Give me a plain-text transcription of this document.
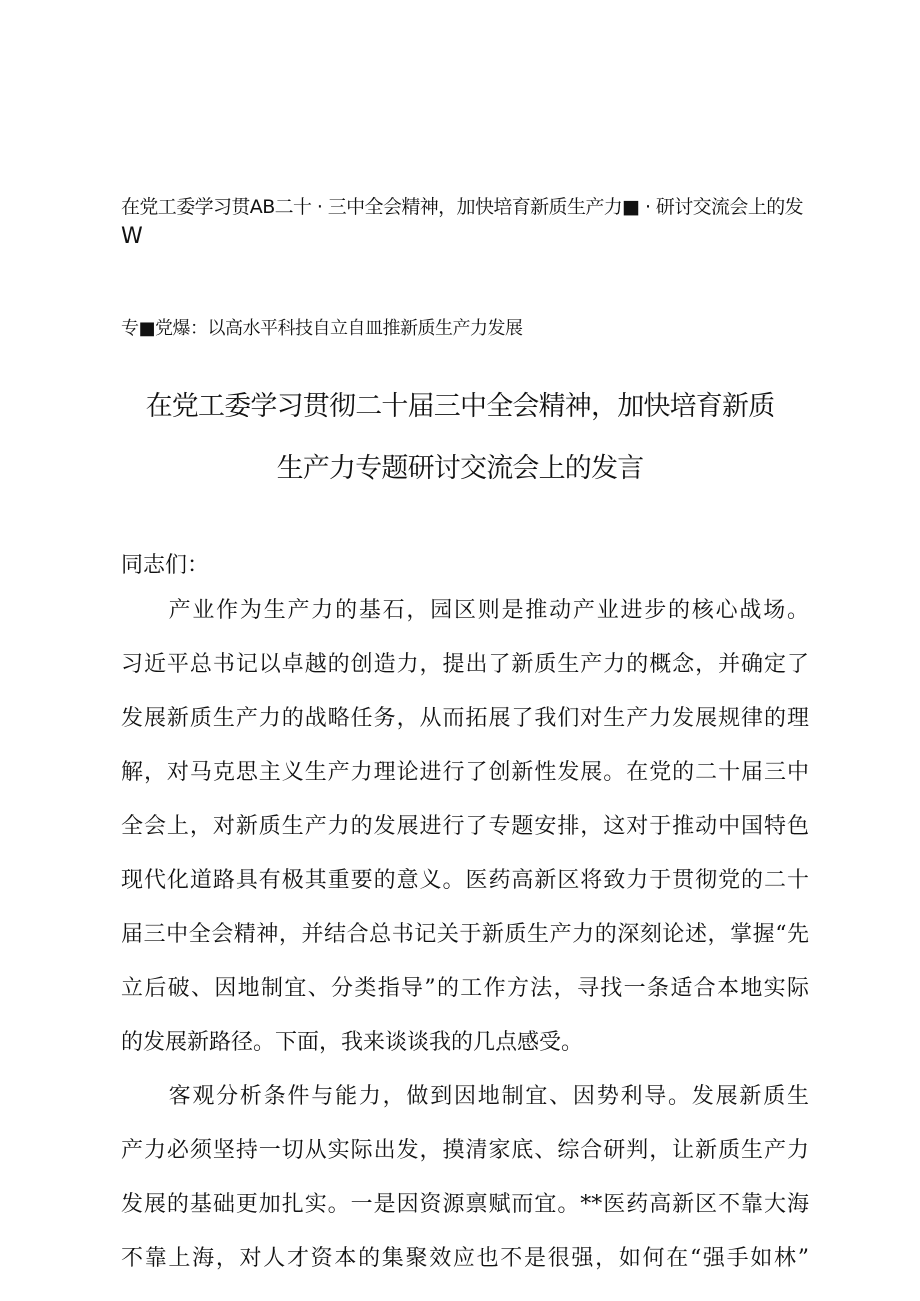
在党工委学习贯AB二十 · 三中全会精神，加快培育新质生产力■ · 研讨交流会上的发
W
专■党爆：以高水平科技自立自皿推新质生产力发展
在党工委学习贯彻二十届三中全会精神，加快培育新质
生产力专题研讨交流会上的发言
同志们：
　　产业作为生产力的基石，园区则是推动产业进步的核心战场。
习近平总书记以卓越的创造力，提出了新质生产力的概念，并确定了
发展新质生产力的战略任务，从而拓展了我们对生产力发展规律的理
解，对马克思主义生产力理论进行了创新性发展。在党的二十届三中
全会上，对新质生产力的发展进行了专题安排，这对于推动中国特色
现代化道路具有极其重要的意义。医药高新区将致力于贯彻党的二十
届三中全会精神，并结合总书记关于新质生产力的深刻论述，掌握“先
立后破、因地制宜、分类指导”的工作方法，寻找一条适合本地实际
的发展新路径。下面，我来谈谈我的几点感受。
　　客观分析条件与能力，做到因地制宜、因势利导。发展新质生
产力必须坚持一切从实际出发，摸清家底、综合研判，让新质生产力
发展的基础更加扎实。一是因资源禀赋而宜。**医药高新区不靠大海
不靠上海，对人才资本的集聚效应也不是很强，如何在“强手如林”
